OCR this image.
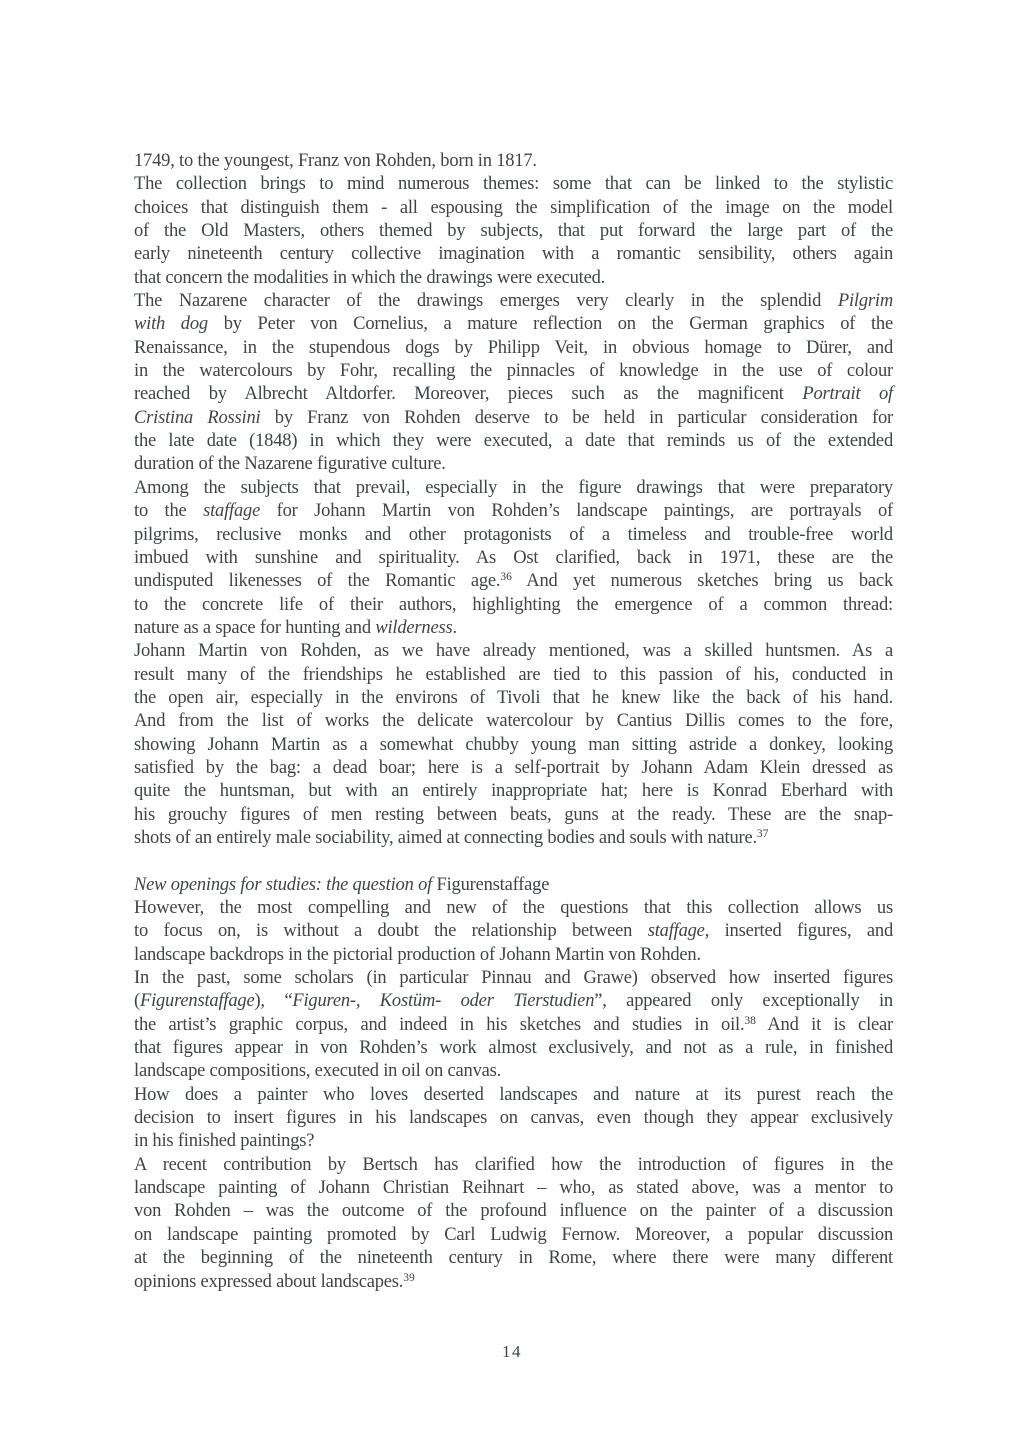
1749, to the youngest, Franz von Rohden, born in 1817.
The collection brings to mind numerous themes: some that can be linked to the stylistic
choices that distinguish them - all espousing the simplification of the image on the model
of the Old Masters, others themed by subjects, that put forward the large part of the
early nineteenth century collective imagination with a romantic sensibility, others again
that concern the modalities in which the drawings were executed.
The Nazarene character of the drawings emerges very clearly in the splendid Pilgrim
with dog by Peter von Cornelius, a mature reflection on the German graphics of the
Renaissance, in the stupendous dogs by Philipp Veit, in obvious homage to Dürer, and
in the watercolours by Fohr, recalling the pinnacles of knowledge in the use of colour
reached by Albrecht Altdorfer. Moreover, pieces such as the magnificent Portrait of
Cristina Rossini by Franz von Rohden deserve to be held in particular consideration for
the late date (1848) in which they were executed, a date that reminds us of the extended
duration of the Nazarene figurative culture.
Among the subjects that prevail, especially in the figure drawings that were preparatory
to the staffage for Johann Martin von Rohden’s landscape paintings, are portrayals of
pilgrims, reclusive monks and other protagonists of a timeless and trouble-free world
imbued with sunshine and spirituality. As Ost clarified, back in 1971, these are the
undisputed likenesses of the Romantic age.$^{36}$ And yet numerous sketches bring us back
to the concrete life of their authors, highlighting the emergence of a common thread:
nature as a space for hunting and wilderness.
Johann Martin von Rohden, as we have already mentioned, was a skilled huntsmen. As a
result many of the friendships he established are tied to this passion of his, conducted in
the open air, especially in the environs of Tivoli that he knew like the back of his hand.
And from the list of works the delicate watercolour by Cantius Dillis comes to the fore,
showing Johann Martin as a somewhat chubby young man sitting astride a donkey, looking
satisfied by the bag: a dead boar; here is a self-portrait by Johann Adam Klein dressed as
quite the huntsman, but with an entirely inappropriate hat; here is Konrad Eberhard with
his grouchy figures of men resting between beats, guns at the ready. These are the snap-
shots of an entirely male sociability, aimed at connecting bodies and souls with nature.$^{37}$
New openings for studies: the question of Figurenstaffage
However, the most compelling and new of the questions that this collection allows us
to focus on, is without a doubt the relationship between staffage, inserted figures, and
landscape backdrops in the pictorial production of Johann Martin von Rohden.
In the past, some scholars (in particular Pinnau and Grawe) observed how inserted figures
(Figurenstaffage), “Figuren-, Kostüm- oder Tierstudien”, appeared only exceptionally in
the artist’s graphic corpus, and indeed in his sketches and studies in oil.$^{38}$ And it is clear
that figures appear in von Rohden’s work almost exclusively, and not as a rule, in finished
landscape compositions, executed in oil on canvas.
How does a painter who loves deserted landscapes and nature at its purest reach the
decision to insert figures in his landscapes on canvas, even though they appear exclusively
in his finished paintings?
A recent contribution by Bertsch has clarified how the introduction of figures in the
landscape painting of Johann Christian Reihnart – who, as stated above, was a mentor to
von Rohden – was the outcome of the profound influence on the painter of a discussion
on landscape painting promoted by Carl Ludwig Fernow. Moreover, a popular discussion
at the beginning of the nineteenth century in Rome, where there were many different
opinions expressed about landscapes.$^{39}$
14
